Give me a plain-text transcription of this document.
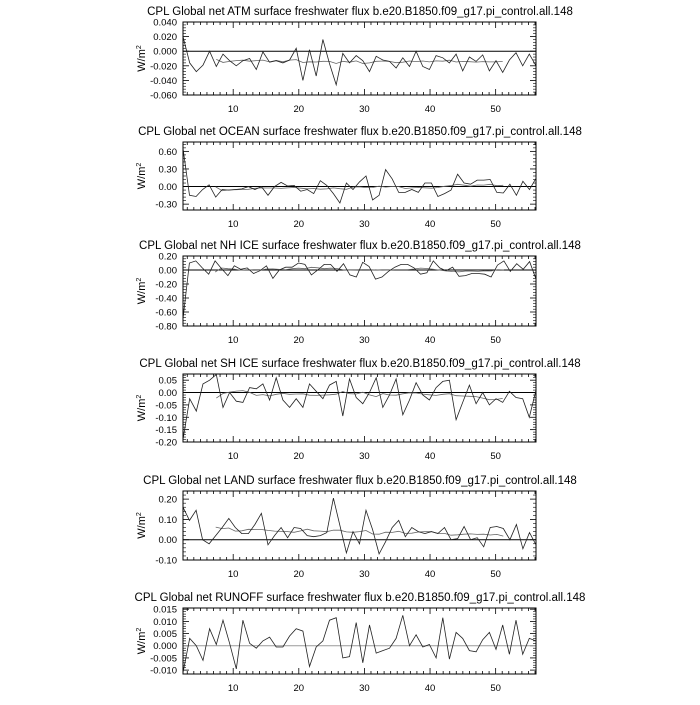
CPL Global net ATM surface freshwater flux b.e20.B1850.f09_g17.pi_control.all.148
$W/m^2$
10	20	30	40	50
0.040
-0.020
0.000
0.020
-0.040
-0.060
CPL Global net OCEAN surface freshwater flux b.e20.B1850.f09_g17.pi_control.all.148
$W/m^2$
10	20	30	40	50
0.60
0.30
0.00
-0.30
CPL Global net NH ICE surface freshwater flux b.e20.B1850.f09_g17.pi_control.all.148
$W/m^2$
10	20	30	40	50
0.20
0.00
-0.20
-0.40
-0.60
-0.80
CPL Global net SH ICE surface freshwater flux b.e20.B1850.f09_g17.pi_control.all.148
$W/m^2$
10	20	30	40	50
0.05
0.00
-0.05
-0.10
-0.15
-0.20
CPL Global net LAND surface freshwater flux b.e20.B1850.f09_g17.pi_control.all.148
$W/m^2$
10	20	30	40	50
0.20
0.10
0.00
-0.10
CPL Global net RUNOFF surface freshwater flux b.e20.B1850.f09_g17.pi_control.all.148
$W/m^2$
10	20	30	40	50
0.015
0.010
0.005
0.000
-0.005
-0.010
